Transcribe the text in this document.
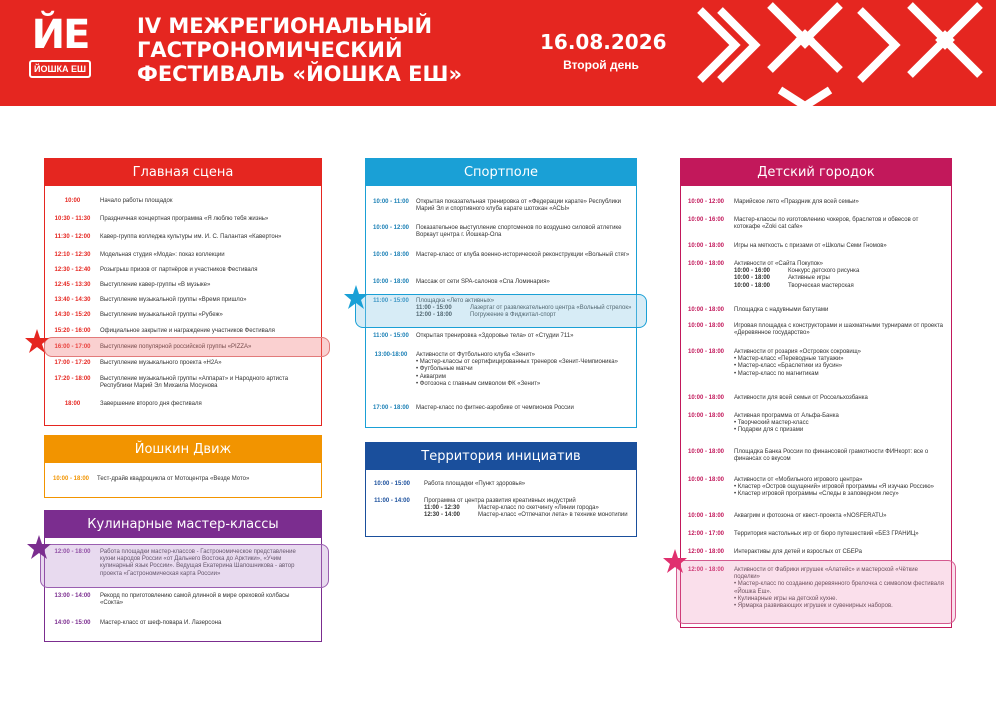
ЙЕ
ЙОШКА ЕШ
IV МЕЖРЕГИОНАЛЬНЫЙ
ГАСТРОНОМИЧЕСКИЙ
ФЕСТИВАЛЬ «ЙОШКА ЕШ»
16.08.2026
Второй день
Главная сцена
10:00	Начало работы площадок
10:30 - 11:30	Праздничная концертная программа «Я люблю тебя жизнь»
11:30 - 12:00	Кавер-группа колледжа культуры им. И. С. Палантая «Кавертон»
12:10 - 12:30	Модельная студия «Мода»: показ коллекции
12:30 - 12:40	Розыгрыш призов от партнёров и участников Фестиваля
12:45 - 13:30	Выступление кавер-группы «В музыке»
13:40 - 14:30	Выступление музыкальной группы «Время пришло»
14:30 - 15:20	Выступление музыкальной группы «Рубеж»
15:20 - 16:00	Официальное закрытие и награждение участников Фестиваля
16:00 - 17:00	Выступление популярной российской группы «PIZZA»
17:00 - 17:20	Выступление музыкального проекта «H2A»
17:20 - 18:00	Выступление музыкальной группы «Аппарат» и Народного артиста Республики Марий Эл Михаила Мосунова
18:00	Завершение второго дня фестиваля
Йошкин Движ
10:00 - 18:00	Тест-драйв квадроцикла от Мотоцентра «Везде Мото»
Кулинарные мастер-классы
12:00 - 18:00	Работа площадки мастер-классов - Гастрономическое представление кухни народов России «от Дальнего Востока до Арктики», «Учим кулинарный язык России». Ведущая Екатерина Шапошникова - автор проекта «Гастрономическая карта России»
13:00 - 14:00	Рекорд по приготовлению самой длинной в мире ореховой колбасы «Сокта»
14:00 - 15:00	Мастер-класс от шеф-повара И. Лазерсона
Спортполе
10:00 - 11:00	Открытая показательная тренировка от «Федерации карате» Республики Марий Эл и спортивного клуба карате шотокан «АСЫ»
10:00 - 12:00	Показательное выступление спортсменов по воздушно силовой атлетике Воркаут центра г. Йошкар-Ола
10:00 - 18:00	Мастер-класс от клуба военно-исторической реконструкции «Вольный стяг»
10:00 - 18:00	Массаж от сети SPA-салонов «Спа Ломинария»
11:00 - 15:00	Площадка «Лето активных»
11:00 - 15:00	Лазертаг от развлекательного центра «Вольный стрелок»
12:00 - 18:00	Погружение в Фиджитал-спорт
11:00 - 15:00	Открытая тренировка «Здоровье тела» от «Студии 711»
13:00-18:00	Активности от Футбольного клуба «Зенит»
• Мастер-классы от сертифицированных тренеров «Зенит-Чемпионика»
• Футбольные матчи
• Аквагрим
• Фотозона с главным символом ФК «Зенит»
17:00 - 18:00	Мастер-класс по фитнес-аэробике от чемпионов России
Территория инициатив
10:00 - 15:00	Работа площадки «Пункт здоровья»
11:00 - 14:00	Программа от центра развития креативных индустрий
11:00 - 12:30	Мастер-класс по скетчингу «Линии города»
12:30 - 14:00	Мастер-класс «Отпечатки лета» в технике монотипии
Детский городок
10:00 - 12:00	Марийское лето «Праздник для всей семьи»
10:00 - 16:00	Мастер-классы по изготовлению чокеров, браслетов и обвесов от котокафе «Zoki cat cafe»
10:00 - 18:00	Игры на меткость с призами от «Школы Семи Гномов»
10:00 - 18:00	Активности от «Сайта Покупок»
10:00 - 16:00	Конкурс детского рисунка
10:00 - 18:00	Активные игры
10:00 - 18:00	Творческая мастерская
10:00 - 18:00	Площадка с надувными батутами
10:00 - 18:00	Игровая площадка с конструкторами и шахматными турнирами от проекта «Деревянное государство»
10:00 - 18:00	Активности от розария «Островок сокровищ»
• Мастер-класс «Переводные татуажи»
• Мастер-класс «Браслетики из бусин»
• Мастер-класс по магнитикам
10:00 - 18:00	Активности для всей семьи от Россельхозбанка
10:00 - 18:00	Активная программа от Альфа-Банка
• Творческий мастер-класс
• Подарки для с призами
10:00 - 18:00	Площадка Банка России по финансовой грамотности ФИНкорт: все о финансах со вкусом
10:00 - 18:00	Активности от «Мобильного игрового центра»
• Кластер «Остров ощущений» игровой программы «Я изучаю Россию»
• Кластер игровой программы «Следы в заповедном лесу»
10:00 - 18:00	Аквагрим и фотозона от квест-проекта «NOSFERATU»
12:00 - 17:00	Территория настольных игр от бюро путешествий «БЕЗ ГРАНИЦ»
12:00 - 18:00	Интерактивы для детей и взрослых от СБЕРа
12:00 - 18:00	Активности от Фабрики игрушек «Алатейс» и мастерской «Чёткие поделки»
• Мастер-класс по созданию деревянного брелочка с символом фестиваля «Йошка Еш».
• Кулинарные игры на детской кухне.
• Ярмарка развивающих игрушек и сувенирных наборов.
